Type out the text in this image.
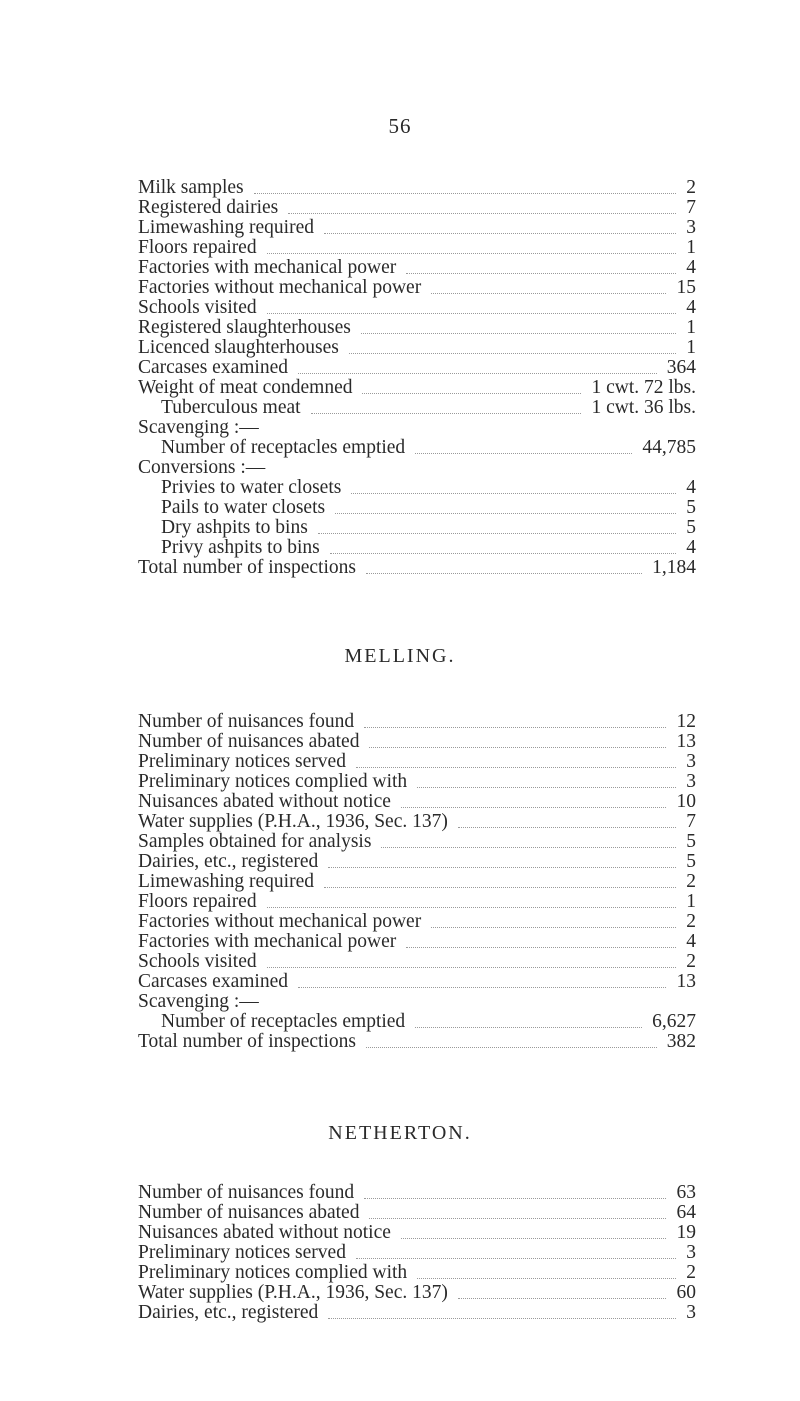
56
Milk samples	2
Registered dairies	7
Limewashing required	3
Floors repaired	1
Factories with mechanical power	4
Factories without mechanical power	15
Schools visited	4
Registered slaughterhouses	1
Licenced slaughterhouses	1
Carcases examined	364
Weight of meat condemned	1 cwt. 72 lbs.
Tuberculous meat	1 cwt. 36 lbs.
Scavenging :—
Number of receptacles emptied	44,785
Conversions :—
Privies to water closets	4
Pails to water closets	5
Dry ashpits to bins	5
Privy ashpits to bins	4
Total number of inspections	1,184
MELLING.
Number of nuisances found	12
Number of nuisances abated	13
Preliminary notices served	3
Preliminary notices complied with	3
Nuisances abated without notice	10
Water supplies (P.H.A., 1936, Sec. 137)	7
Samples obtained for analysis	5
Dairies, etc., registered	5
Limewashing required	2
Floors repaired	1
Factories without mechanical power	2
Factories with mechanical power	4
Schools visited	2
Carcases examined	13
Scavenging :—
Number of receptacles emptied	6,627
Total number of inspections	382
NETHERTON.
Number of nuisances found	63
Number of nuisances abated	64
Nuisances abated without notice	19
Preliminary notices served	3
Preliminary notices complied with	2
Water supplies (P.H.A., 1936, Sec. 137)	60
Dairies, etc., registered	3
